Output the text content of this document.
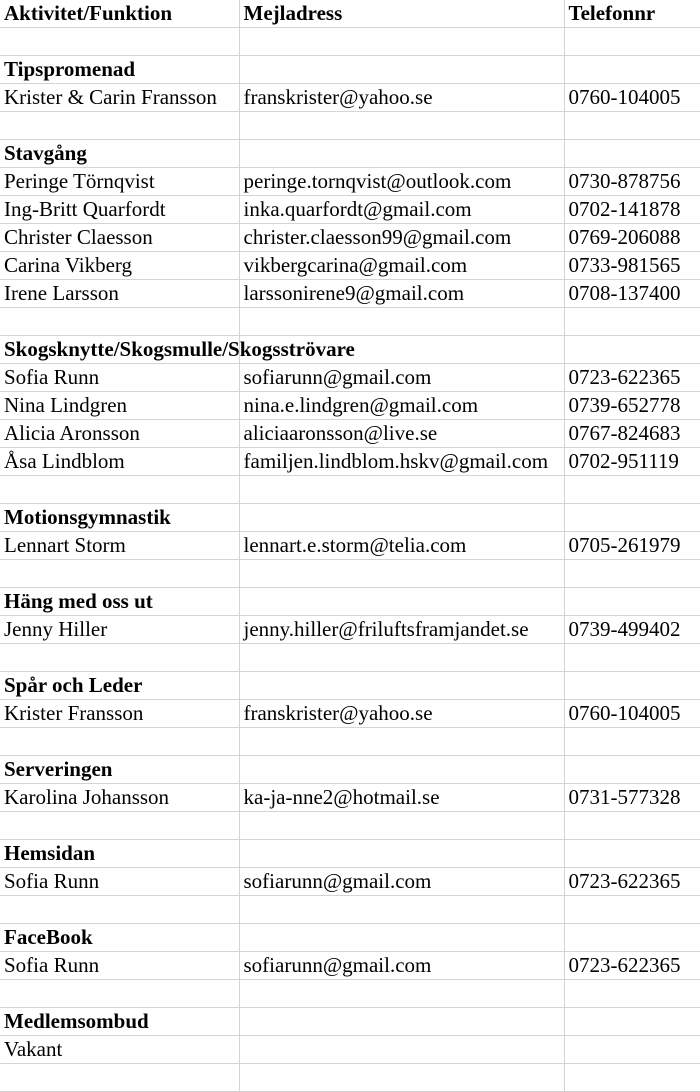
Aktivitet/Funktion	Mejladress	Telefonnr

Tipspromenad		
Krister & Carin Fransson	franskrister@yahoo.se	0760-104005

Stavgång		
Peringe Törnqvist	peringe.tornqvist@outlook.com	0730-878756
Ing-Britt Quarfordt	inka.quarfordt@gmail.com	0702-141878
Christer Claesson	christer.claesson99@gmail.com	0769-206088
Carina Vikberg	vikbergcarina@gmail.com	0733-981565
Irene Larsson	larssonirene9@gmail.com	0708-137400

Skogsknytte/Skogsmulle/Skogsströvare		
Sofia Runn	sofiarunn@gmail.com	0723-622365
Nina Lindgren	nina.e.lindgren@gmail.com	0739-652778
Alicia Aronsson	aliciaaronsson@live.se	0767-824683
Åsa Lindblom	familjen.lindblom.hskv@gmail.com	0702-951119

Motionsgymnastik		
Lennart Storm	lennart.e.storm@telia.com	0705-261979

Häng med oss ut		
Jenny Hiller	jenny.hiller@friluftsframjandet.se	0739-499402

Spår och Leder		
Krister Fransson	franskrister@yahoo.se	0760-104005

Serveringen		
Karolina Johansson	ka-ja-nne2@hotmail.se	0731-577328

Hemsidan		
Sofia Runn	sofiarunn@gmail.com	0723-622365

FaceBook		
Sofia Runn	sofiarunn@gmail.com	0723-622365

Medlemsombud		
Vakant		
